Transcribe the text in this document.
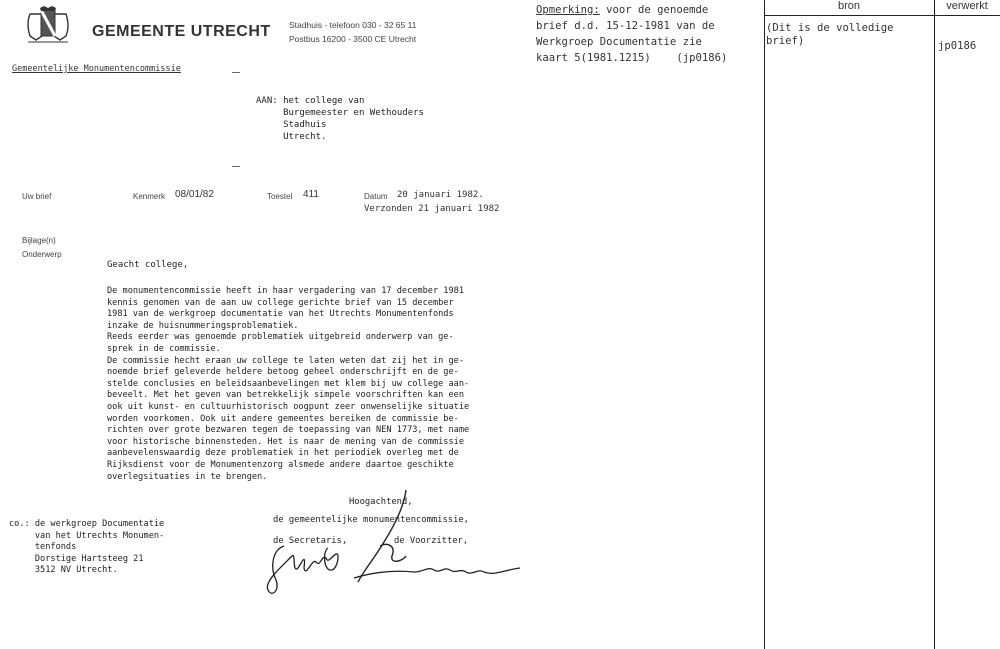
GEMEENTE UTRECHT Stadhuis - telefoon 030 - 32 65 11
Postbus 16200 - 3500 CE Utrecht
Gemeentelijke Monumentencommissie
AAN: het college van
Burgemeester en Wethouders
Stadhuis
Utrecht.
Uw brief	Kenmerk 08/01/82	Toestel 411	Datum 20 januari 1982.
Verzonden 21 januari 1982
Bijlage(n)
Onderwerp
Geacht college,
De monumentencommissie heeft in haar vergadering van 17 december 1981
kennis genomen van de aan uw college gerichte brief van 15 december
1981 van de werkgroep documentatie van het Utrechts Monumentenfonds
inzake de huisnummeringsproblematiek.
Reeds eerder was genoemde problematiek uitgebreid onderwerp van ge-
sprek in de commissie.
De commissie hecht eraan uw college te laten weten dat zij het in ge-
noemde brief geleverde heldere betoog geheel onderschrijft en de ge-
stelde conclusies en beleidsaanbevelingen met klem bij uw college aan-
beveelt. Met het geven van betrekkelijk simpele voorschriften kan een
ook uit kunst- en cultuurhistorisch oogpunt zeer onwenselijke situatie
worden voorkomen. Ook uit andere gemeentes bereiken de commissie be-
richten over grote bezwaren tegen de toepassing van NEN 1773, met name
voor historische binnensteden. Het is naar de mening van de commissie
aanbevelenswaardig deze problematiek in het periodiek overleg met de
Rijksdienst voor de Monumentenzorg alsmede andere daartoe geschikte
overlegsituaties in te brengen.
Hoogachtend,
de gemeentelijke monumentencommissie,
de Secretaris,	de Voorzitter,
co.: de werkgroep Documentatie
van het Utrechts Monumen-
tenfonds
Dorstige Hartsteeg 21
3512 NV Utrecht.
Opmerking: voor de genoemde
brief d.d. 15-12-1981 van de
Werkgroep Documentatie zie
kaart 5(1981.1215)    (jp0186)
bron	verwerkt
(Dit is de volledige
brief)	jp0186
